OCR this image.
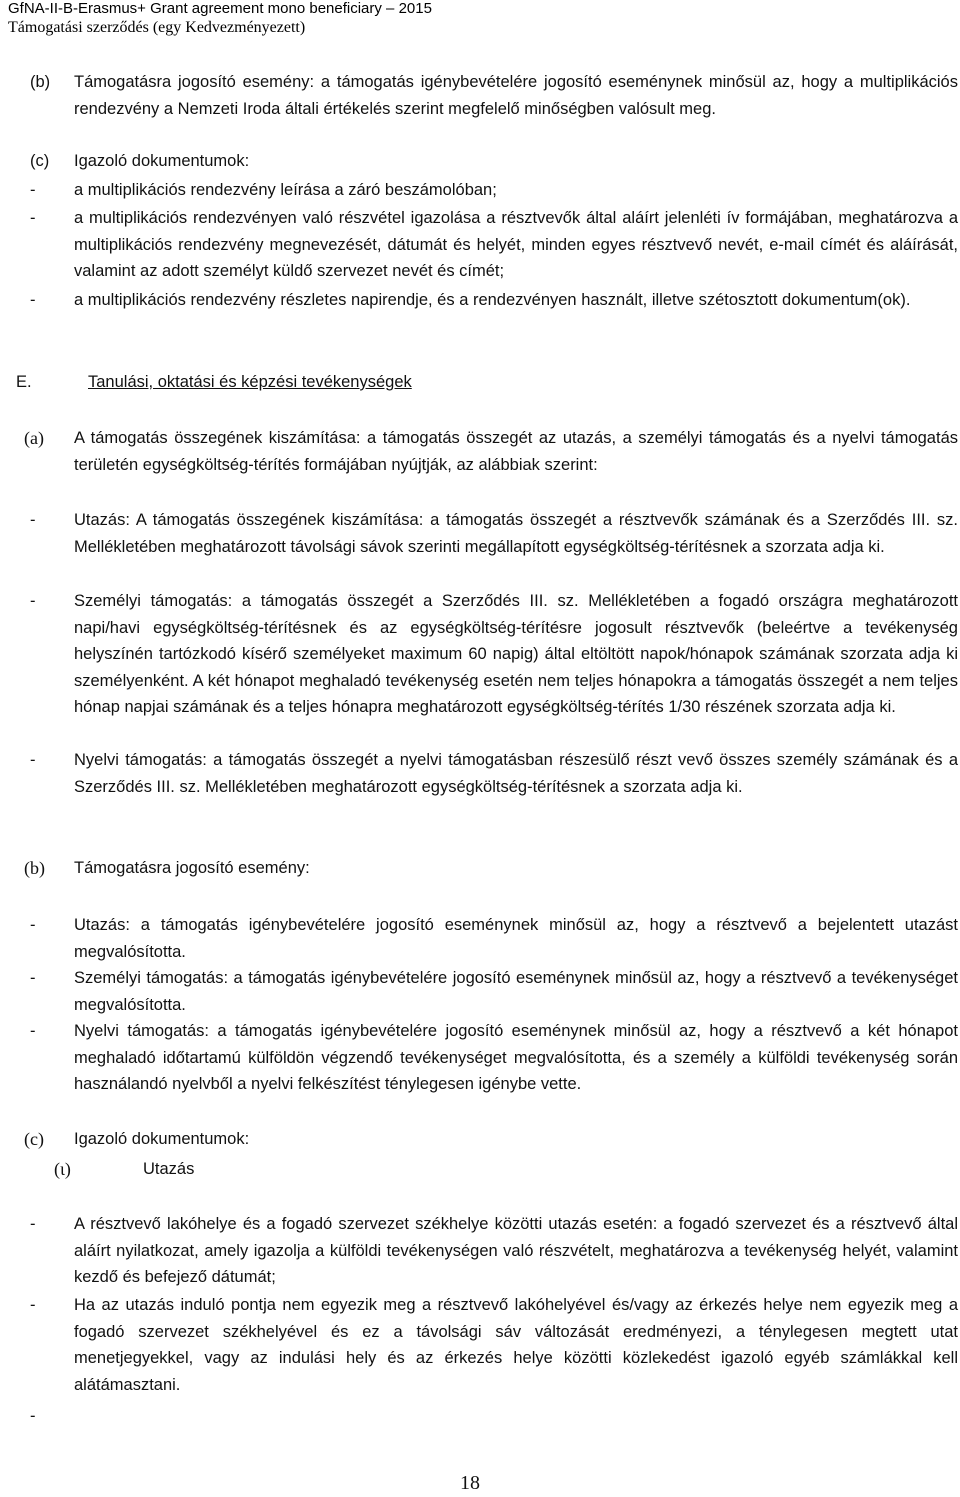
GfNA-II-B-Erasmus+ Grant agreement mono beneficiary – 2015
Támogatási szerződés (egy Kedvezményezett)
(b) Támogatásra jogosító esemény: a támogatás igénybevételére jogosító eseménynek minősül az, hogy a multiplikációs rendezvény a Nemzeti Iroda általi értékelés szerint megfelelő minőségben valósult meg.
(c) Igazoló dokumentumok:
- a multiplikációs rendezvény leírása a záró beszámolóban;
- a multiplikációs rendezvényen való részvétel igazolása a résztvevők által aláírt jelenléti ív formájában, meghatározva a multiplikációs rendezvény megnevezését, dátumát és helyét, minden egyes résztvevő nevét, e-mail címét és aláírását, valamint az adott személyt küldő szervezet nevét és címét;
- a multiplikációs rendezvény részletes napirendje, és a rendezvényen használt, illetve szétosztott dokumentum(ok).
E.	Tanulási, oktatási és képzési tevékenységek
(a) A támogatás összegének kiszámítása: a támogatás összegét az utazás, a személyi támogatás és a nyelvi támogatás területén egységköltség-térítés formájában nyújtják, az alábbiak szerint:
- Utazás: A támogatás összegének kiszámítása: a támogatás összegét a résztvevők számának és a Szerződés III. sz. Mellékletében meghatározott távolsági sávok szerinti megállapított egységköltség-térítésnek a szorzata adja ki.
- Személyi támogatás: a támogatás összegét a Szerződés III. sz. Mellékletében a fogadó országra meghatározott napi/havi egységköltség-térítésnek és az egységköltség-térítésre jogosult résztvevők (beleértve a tevékenység helyszínén tartózkodó kísérő személyeket maximum 60 napig) által eltöltött napok/hónapok számának szorzata adja ki személyenként. A két hónapot meghaladó tevékenység esetén nem teljes hónapokra a támogatás összegét a nem teljes hónap napjai számának és a teljes hónapra meghatározott egységköltség-térítés 1/30 részének szorzata adja ki.
- Nyelvi támogatás: a támogatás összegét a nyelvi támogatásban részesülő részt vevő összes személy számának és a Szerződés III. sz. Mellékletében meghatározott egységköltség-térítésnek a szorzata adja ki.
(b) Támogatásra jogosító esemény:
- Utazás: a támogatás igénybevételére jogosító eseménynek minősül az, hogy a résztvevő a bejelentett utazást megvalósította.
- Személyi támogatás: a támogatás igénybevételére jogosító eseménynek minősül az, hogy a résztvevő a tevékenységet megvalósította.
- Nyelvi támogatás: a támogatás igénybevételére jogosító eseménynek minősül az, hogy a résztvevő a két hónapot meghaladó időtartamú külföldön végzendő tevékenységet megvalósította, és a személy a külföldi tevékenység során használandó nyelvből a nyelvi felkészítést ténylegesen igénybe vette.
(c) Igazoló dokumentumok:
(ι)	Utazás
- A résztvevő lakóhelye és a fogadó szervezet székhelye közötti utazás esetén: a fogadó szervezet és a résztvevő által aláírt nyilatkozat, amely igazolja a külföldi tevékenységen való részvételt, meghatározva a tevékenység helyét, valamint kezdő és befejező dátumát;
- Ha az utazás induló pontja nem egyezik meg a résztvevő lakóhelyével és/vagy az érkezés helye nem egyezik meg a fogadó szervezet székhelyével és ez a távolsági sáv változását eredményezi, a ténylegesen megtett utat menetjegyekkel, vagy az indulási hely és az érkezés helye közötti közlekedést igazoló egyéb számlákkal kell alátámasztani.
-
18
